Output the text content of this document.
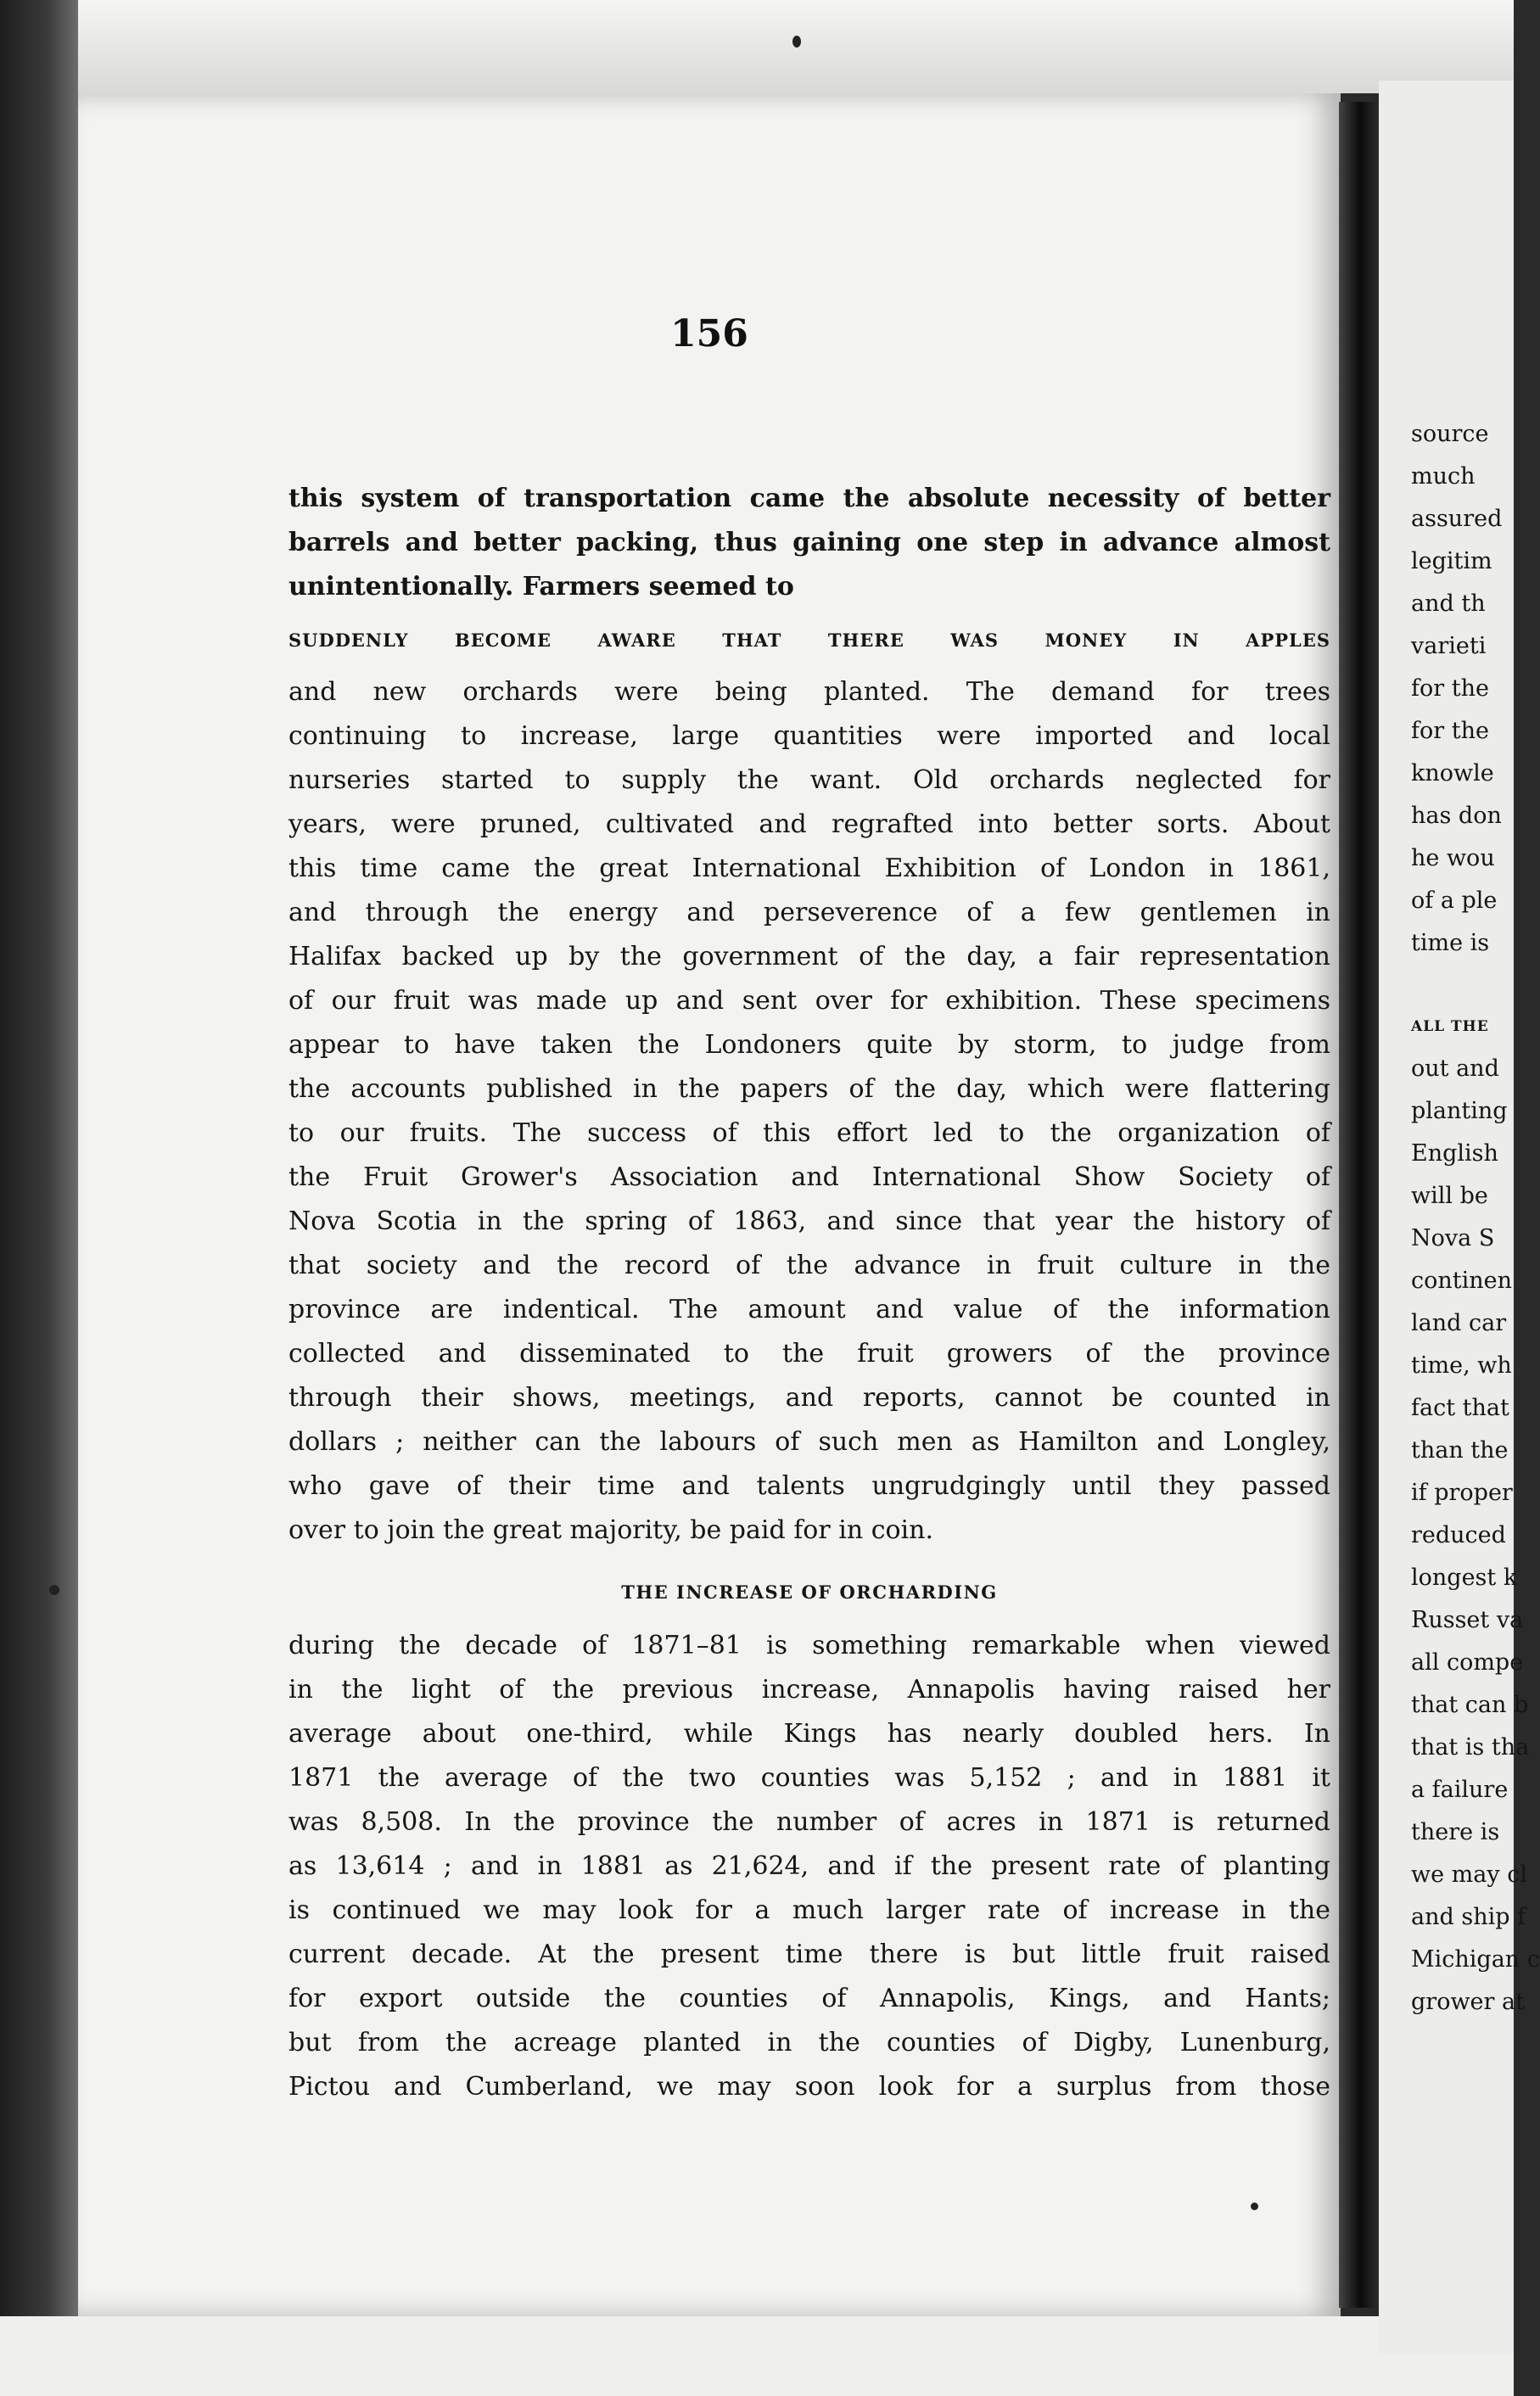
156
this system of transportation came the absolute necessity of better
barrels and better packing, thus gaining one step in advance almost
unintentionally. Farmers seemed to
SUDDENLY BECOME AWARE THAT THERE WAS MONEY IN APPLES
and new orchards were being planted. The demand for trees
continuing to increase, large quantities were imported and local
nurseries started to supply the want. Old orchards neglected for
years, were pruned, cultivated and regrafted into better sorts. About
this time came the great International Exhibition of London in 1861,
and through the energy and perseverence of a few gentlemen in
Halifax backed up by the government of the day, a fair representation
of our fruit was made up and sent over for exhibition. These specimens
appear to have taken the Londoners quite by storm, to judge from
the accounts published in the papers of the day, which were flattering
to our fruits. The success of this effort led to the organization of
the Fruit Grower's Association and International Show Society of
Nova Scotia in the spring of 1863, and since that year the history of
that society and the record of the advance in fruit culture in the
province are indentical. The amount and value of the information
collected and disseminated to the fruit growers of the province
through their shows, meetings, and reports, cannot be counted in
dollars ; neither can the labours of such men as Hamilton and Longley,
who gave of their time and talents ungrudgingly until they passed
over to join the great majority, be paid for in coin.
THE INCREASE OF ORCHARDING
during the decade of 1871–81 is something remarkable when viewed
in the light of the previous increase, Annapolis having raised her
average about one-third, while Kings has nearly doubled hers. In
1871 the average of the two counties was 5,152 ; and in 1881 it
was 8,508. In the province the number of acres in 1871 is returned
as 13,614 ; and in 1881 as 21,624, and if the present rate of planting
is continued we may look for a much larger rate of increase in the
current decade. At the present time there is but little fruit raised
for export outside the counties of Annapolis, Kings, and Hants;
but from the acreage planted in the counties of Digby, Lunenburg,
Pictou and Cumberland, we may soon look for a surplus from those
source
much
assured
legitim
and th
varieti
for the
for the
knowle
has don
he wou
of a ple
time is
ALL THE
out and
planting
English
will be
Nova S
continen
land car
time, wh
fact that
than the
if proper
reduced
longest k
Russet va
all compe
that can b
that is tha
a failure
there is
we may cl
and ship f
Michigan c
grower at
